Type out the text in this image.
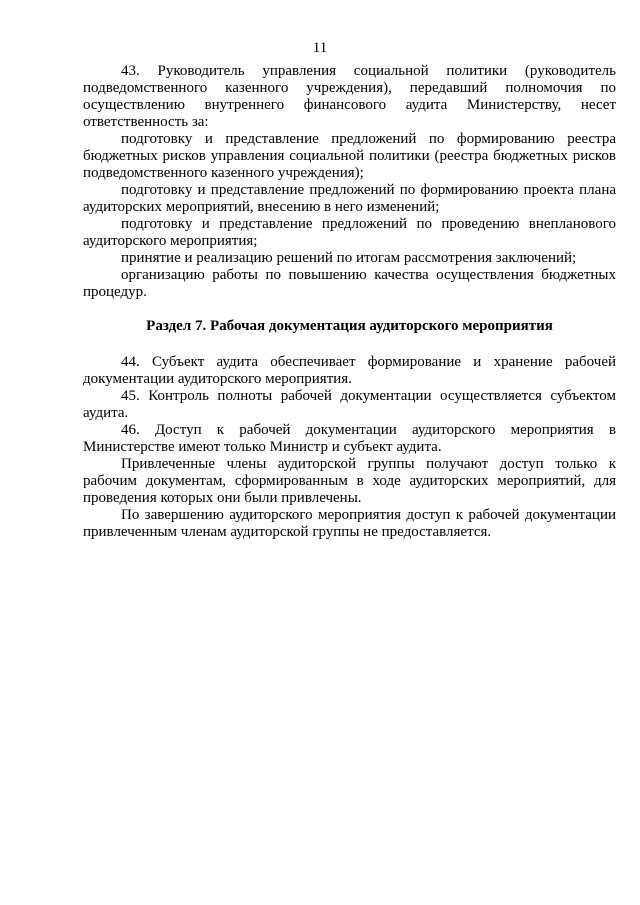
11

43. Руководитель управления социальной политики (руководитель подведомственного казенного учреждения), передавший полномочия по осуществлению внутреннего финансового аудита Министерству, несет ответственность за:

подготовку и представление предложений по формированию реестра бюджетных рисков управления социальной политики (реестра бюджетных рисков подведомственного казенного учреждения);

подготовку и представление предложений по формированию проекта плана аудиторских мероприятий, внесению в него изменений;

подготовку и представление предложений по проведению внепланового аудиторского мероприятия;

принятие и реализацию решений по итогам рассмотрения заключений;

организацию работы по повышению качества осуществления бюджетных процедур.

Раздел 7. Рабочая документация аудиторского мероприятия

44. Субъект аудита обеспечивает формирование и хранение рабочей документации аудиторского мероприятия.

45. Контроль полноты рабочей документации осуществляется субъектом аудита.

46. Доступ к рабочей документации аудиторского мероприятия в Министерстве имеют только Министр и субъект аудита.

Привлеченные члены аудиторской группы получают доступ только к рабочим документам, сформированным в ходе аудиторских мероприятий, для проведения которых они были привлечены.

По завершению аудиторского мероприятия доступ к рабочей документации привлеченным членам аудиторской группы не предоставляется.
